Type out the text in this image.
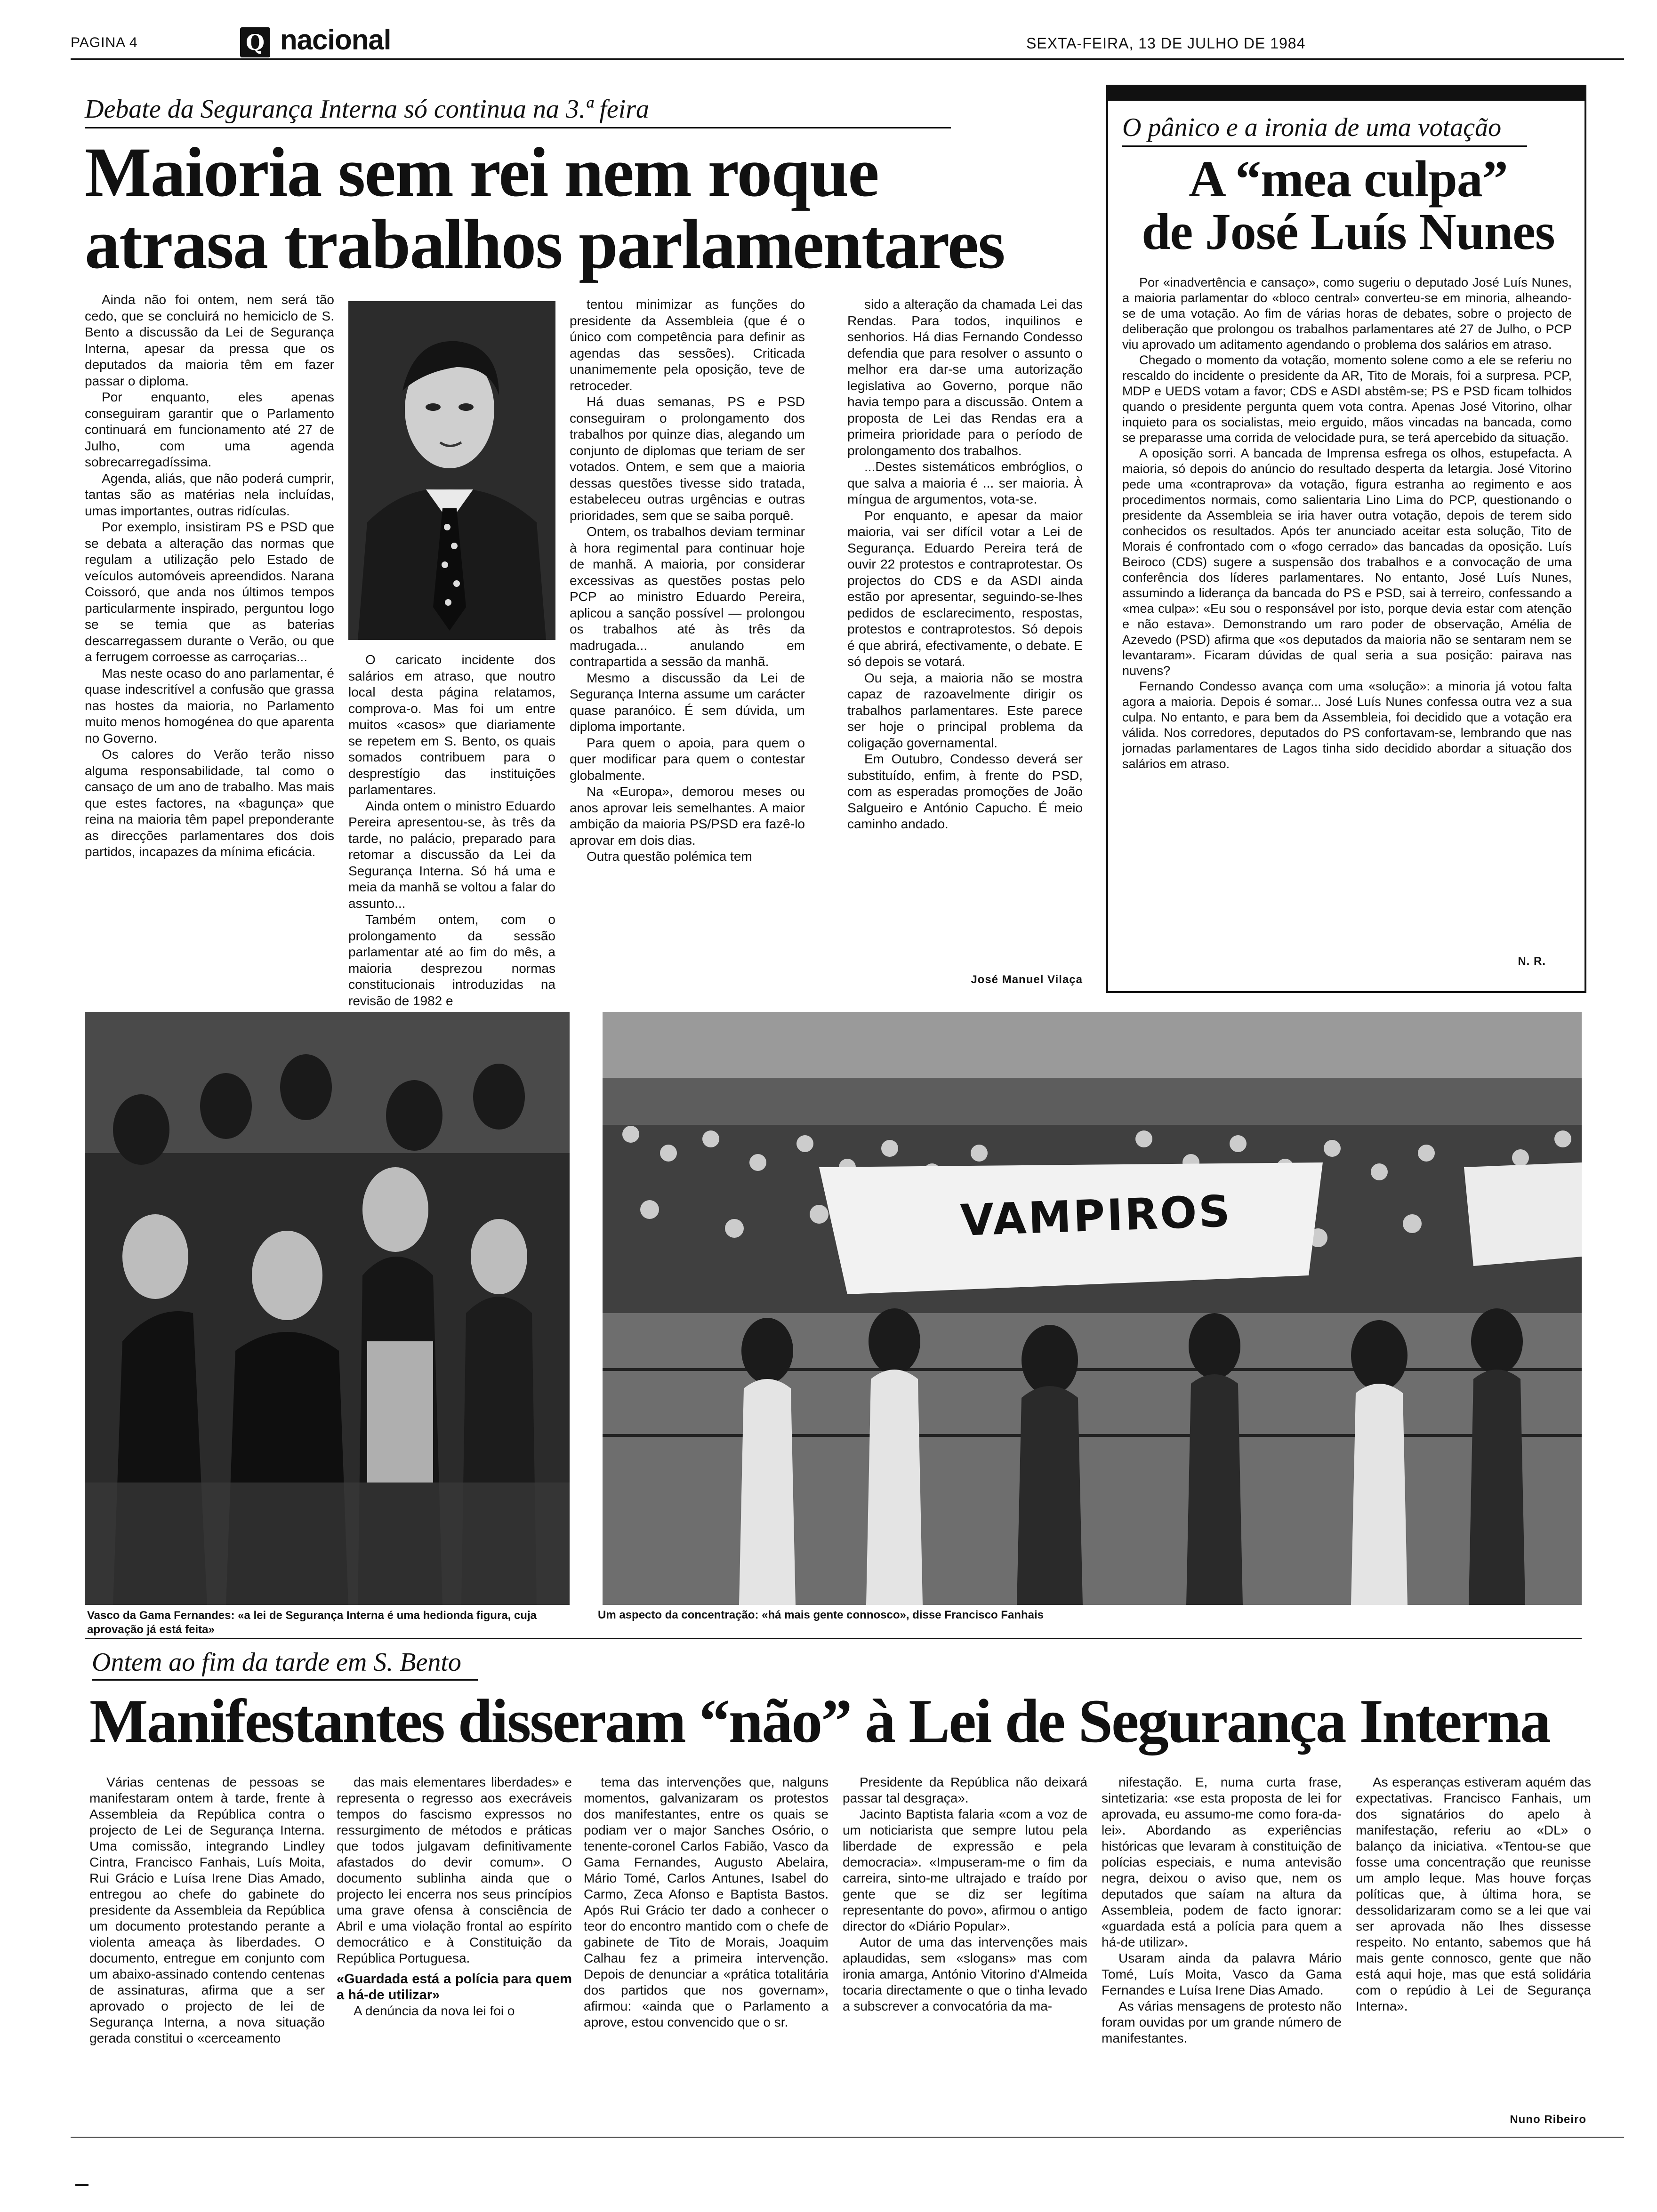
PAGINA 4	Q nacional	SEXTA-FEIRA, 13 DE JULHO DE 1984
Debate da Segurança Interna só continua na 3.ª feira
Maioria sem rei nem roque
atrasa trabalhos parlamentares

Ainda não foi ontem, nem será tão cedo, que se concluirá no hemiciclo de S. Bento a discussão da Lei de Segurança Interna, apesar da pressa que os deputados da maioria têm em fazer passar o diploma.

Por enquanto, eles apenas conseguiram garantir que o Parlamento continuará em funcionamento até 27 de Julho, com uma agenda sobrecarregadíssima.

Agenda, aliás, que não poderá cumprir, tantas são as matérias nela incluídas, umas importantes, outras ridículas.

Por exemplo, insistiram PS e PSD que se debata a alteração das normas que regulam a utilização pelo Estado de veículos automóveis apreendidos. Narana Coissoró, que anda nos últimos tempos particularmente inspirado, perguntou logo se se temia que as baterias descarregassem durante o Verão, ou que a ferrugem corroesse as carroçarias...

Mas neste ocaso do ano parlamentar, é quase indescritível a confusão que grassa nas hostes da maioria, no Parlamento muito menos homogénea do que aparenta no Governo.

Os calores do Verão terão nisso alguma responsabilidade, tal como o cansaço de um ano de trabalho. Mas mais que estes factores, na «bagunça» que reina na maioria têm papel preponderante as direcções parlamentares dos dois partidos, incapazes da mínima eficácia.

O caricato incidente dos salários em atraso, que noutro local desta página relatamos, comprova-o. Mas foi um entre muitos «casos» que diariamente se repetem em S. Bento, os quais somados contribuem para o desprestígio das instituições parlamentares.

Ainda ontem o ministro Eduardo Pereira apresentou-se, às três da tarde, no palácio, preparado para retomar a discussão da Lei da Segurança Interna. Só há uma e meia da manhã se voltou a falar do assunto...

Também ontem, com o prolongamento da sessão parlamentar até ao fim do mês, a maioria desprezou normas constitucionais introduzidas na revisão de 1982 e

tentou minimizar as funções do presidente da Assembleia (que é o único com competência para definir as agendas das sessões). Criticada unanimemente pela oposição, teve de retroceder.

Há duas semanas, PS e PSD conseguiram o prolongamento dos trabalhos por quinze dias, alegando um conjunto de diplomas que teriam de ser votados. Ontem, e sem que a maioria dessas questões tivesse sido tratada, estabeleceu outras urgências e outras prioridades, sem que se saiba porquê.

Ontem, os trabalhos deviam terminar à hora regimental para continuar hoje de manhã. A maioria, por considerar excessivas as questões postas pelo PCP ao ministro Eduardo Pereira, aplicou a sanção possível — prolongou os trabalhos até às três da madrugada... anulando em contrapartida a sessão da manhã.

Mesmo a discussão da Lei de Segurança Interna assume um carácter quase paranóico. É sem dúvida, um diploma importante.

Para quem o apoia, para quem o quer modificar para quem o contestar globalmente.

Na «Europa», demorou meses ou anos aprovar leis semelhantes. A maior ambição da maioria PS/PSD era fazê-lo aprovar em dois dias.

Outra questão polémica tem

sido a alteração da chamada Lei das Rendas. Para todos, inquilinos e senhorios. Há dias Fernando Condesso defendia que para resolver o assunto o melhor era dar-se uma autorização legislativa ao Governo, porque não havia tempo para a discussão. Ontem a proposta de Lei das Rendas era a primeira prioridade para o período de prolongamento dos trabalhos.

...Destes sistemáticos embróglios, o que salva a maioria é ... ser maioria. À míngua de argumentos, vota-se.

Por enquanto, e apesar da maior maioria, vai ser difícil votar a Lei de Segurança. Eduardo Pereira terá de ouvir 22 protestos e contraprotestar. Os projectos do CDS e da ASDI ainda estão por apresentar, seguindo-se-lhes pedidos de esclarecimento, respostas, protestos e contraprotestos. Só depois é que abrirá, efectivamente, o debate. E só depois se votará.

Ou seja, a maioria não se mostra capaz de razoavelmente dirigir os trabalhos parlamentares. Este parece ser hoje o principal problema da coligação governamental.

Em Outubro, Condesso deverá ser substituído, enfim, à frente do PSD, com as esperadas promoções de João Salgueiro e António Capucho. É meio caminho andado.

José Manuel Vilaça
O pânico e a ironia de uma votação
A “mea culpa”
de José Luís Nunes

Por «inadvertência e cansaço», como sugeriu o deputado José Luís Nunes, a maioria parlamentar do «bloco central» converteu-se em minoria, alheando-se de uma votação. Ao fim de várias horas de debates, sobre o projecto de deliberação que prolongou os trabalhos parlamentares até 27 de Julho, o PCP viu aprovado um aditamento agendando o problema dos salários em atraso.

Chegado o momento da votação, momento solene como a ele se referiu no rescaldo do incidente o presidente da AR, Tito de Morais, foi a surpresa. PCP, MDP e UEDS votam a favor; CDS e ASDI abstêm-se; PS e PSD ficam tolhidos quando o presidente pergunta quem vota contra. Apenas José Vitorino, olhar inquieto para os socialistas, meio erguido, mãos vincadas na bancada, como se preparasse uma corrida de velocidade pura, se terá apercebido da situação.

A oposição sorri. A bancada de Imprensa esfrega os olhos, estupefacta. A maioria, só depois do anúncio do resultado desperta da letargia. José Vitorino pede uma «contraprova» da votação, figura estranha ao regimento e aos procedimentos normais, como salientaria Lino Lima do PCP, questionando o presidente da Assembleia se iria haver outra votação, depois de terem sido conhecidos os resultados. Após ter anunciado aceitar esta solução, Tito de Morais é confrontado com o «fogo cerrado» das bancadas da oposição. Luís Beiroco (CDS) sugere a suspensão dos trabalhos e a convocação de uma conferência dos líderes parlamentares. No entanto, José Luís Nunes, assumindo a liderança da bancada do PS e PSD, sai à terreiro, confessando a «mea culpa»: «Eu sou o responsável por isto, porque devia estar com atenção e não estava». Demonstrando um raro poder de observação, Amélia de Azevedo (PSD) afirma que «os deputados da maioria não se sentaram nem se levantaram». Ficaram dúvidas de qual seria a sua posição: pairava nas nuvens?

Fernando Condesso avança com uma «solução»: a minoria já votou falta agora a maioria. Depois é somar... José Luís Nunes confessa outra vez a sua culpa. No entanto, e para bem da Assembleia, foi decidido que a votação era válida. Nos corredores, deputados do PS confortavam-se, lembrando que nas jornadas parlamentares de Lagos tinha sido decidido abordar a situação dos salários em atraso.

N. R.
VAMPIROS
Vasco da Gama Fernandes: «a lei de Segurança Interna é uma hedionda figura, cuja aprovação já está feita»
Um aspecto da concentração: «há mais gente connosco», disse Francisco Fanhais
Ontem ao fim da tarde em S. Bento
Manifestantes disseram “não” à Lei de Segurança Interna

Várias centenas de pessoas se manifestaram ontem à tarde, frente à Assembleia da República contra o projecto de Lei de Segurança Interna. Uma comissão, integrando Lindley Cintra, Francisco Fanhais, Luís Moita, Rui Grácio e Luísa Irene Dias Amado, entregou ao chefe do gabinete do presidente da Assembleia da República um documento protestando perante a violenta ameaça às liberdades. O documento, entregue em conjunto com um abaixo-assinado contendo centenas de assinaturas, afirma que a ser aprovado o projecto de lei de Segurança Interna, a nova situação gerada constitui o «cerceamento

das mais elementares liberdades» e representa o regresso aos execráveis tempos do fascismo expressos no ressurgimento de métodos e práticas que todos julgavam definitivamente afastados do devir comum». O documento sublinha ainda que o projecto lei encerra nos seus princípios uma grave ofensa à consciência de Abril e uma violação frontal ao espírito democrático e à Constituição da República Portuguesa.

«Guardada está a polícia para quem a há-de utilizar»

A denúncia da nova lei foi o

tema das intervenções que, nalguns momentos, galvanizaram os protestos dos manifestantes, entre os quais se podiam ver o major Sanches Osório, o tenente-coronel Carlos Fabião, Vasco da Gama Fernandes, Augusto Abelaira, Mário Tomé, Carlos Antunes, Isabel do Carmo, Zeca Afonso e Baptista Bastos. Após Rui Grácio ter dado a conhecer o teor do encontro mantido com o chefe de gabinete de Tito de Morais, Joaquim Calhau fez a primeira intervenção. Depois de denunciar a «prática totalitária dos partidos que nos governam», afirmou: «ainda que o Parlamento a aprove, estou convencido que o sr.

Presidente da República não deixará passar tal desgraça».

Jacinto Baptista falaria «com a voz de um noticiarista que sempre lutou pela liberdade de expressão e pela democracia». «Impuseram-me o fim da carreira, sinto-me ultrajado e traído por gente que se diz ser legítima representante do povo», afirmou o antigo director do «Diário Popular».

Autor de uma das intervenções mais aplaudidas, sem «slogans» mas com ironia amarga, António Vitorino d'Almeida tocaria directamente o que o tinha levado a subscrever a convocatória da ma-

nifestação. E, numa curta frase, sintetizaria: «se esta proposta de lei for aprovada, eu assumo-me como fora-da-lei». Abordando as experiências históricas que levaram à constituição de polícias especiais, e numa antevisão negra, deixou o aviso que, nem os deputados que saíam na altura da Assembleia, podem de facto ignorar: «guardada está a polícia para quem a há-de utilizar».

Usaram ainda da palavra Mário Tomé, Luís Moita, Vasco da Gama Fernandes e Luísa Irene Dias Amado.

As várias mensagens de protesto não foram ouvidas por um grande número de manifestantes.

As esperanças estiveram aquém das expectativas. Francisco Fanhais, um dos signatários do apelo à manifestação, referiu ao «DL» o balanço da iniciativa. «Tentou-se que fosse uma concentração que reunisse um amplo leque. Mas houve forças políticas que, à última hora, se dessolidarizaram como se a lei que vai ser aprovada não lhes dissesse respeito. No entanto, sabemos que há mais gente connosco, gente que não está aqui hoje, mas que está solidária com o repúdio à Lei de Segurança Interna».

Nuno Ribeiro
